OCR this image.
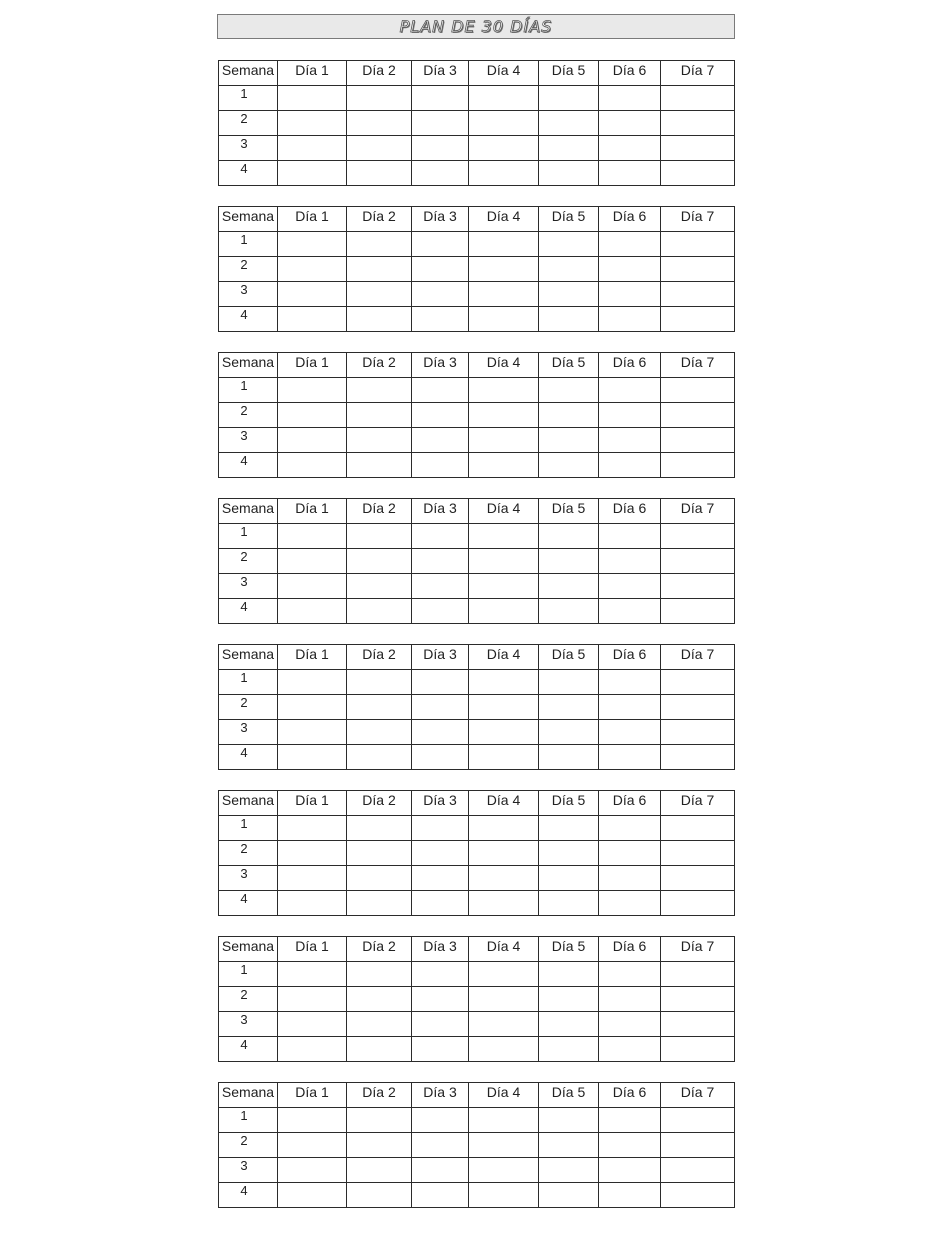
PLAN DE 30 DÍAS
Semana	Día 1	Día 2	Día 3	Día 4	Día 5	Día 6	Día 7
1							
2							
3							
4							
Semana	Día 1	Día 2	Día 3	Día 4	Día 5	Día 6	Día 7
1							
2							
3							
4							
Semana	Día 1	Día 2	Día 3	Día 4	Día 5	Día 6	Día 7
1							
2							
3							
4							
Semana	Día 1	Día 2	Día 3	Día 4	Día 5	Día 6	Día 7
1							
2							
3							
4							
Semana	Día 1	Día 2	Día 3	Día 4	Día 5	Día 6	Día 7
1							
2							
3							
4							
Semana	Día 1	Día 2	Día 3	Día 4	Día 5	Día 6	Día 7
1							
2							
3							
4							
Semana	Día 1	Día 2	Día 3	Día 4	Día 5	Día 6	Día 7
1							
2							
3							
4							
Semana	Día 1	Día 2	Día 3	Día 4	Día 5	Día 6	Día 7
1							
2							
3							
4							
